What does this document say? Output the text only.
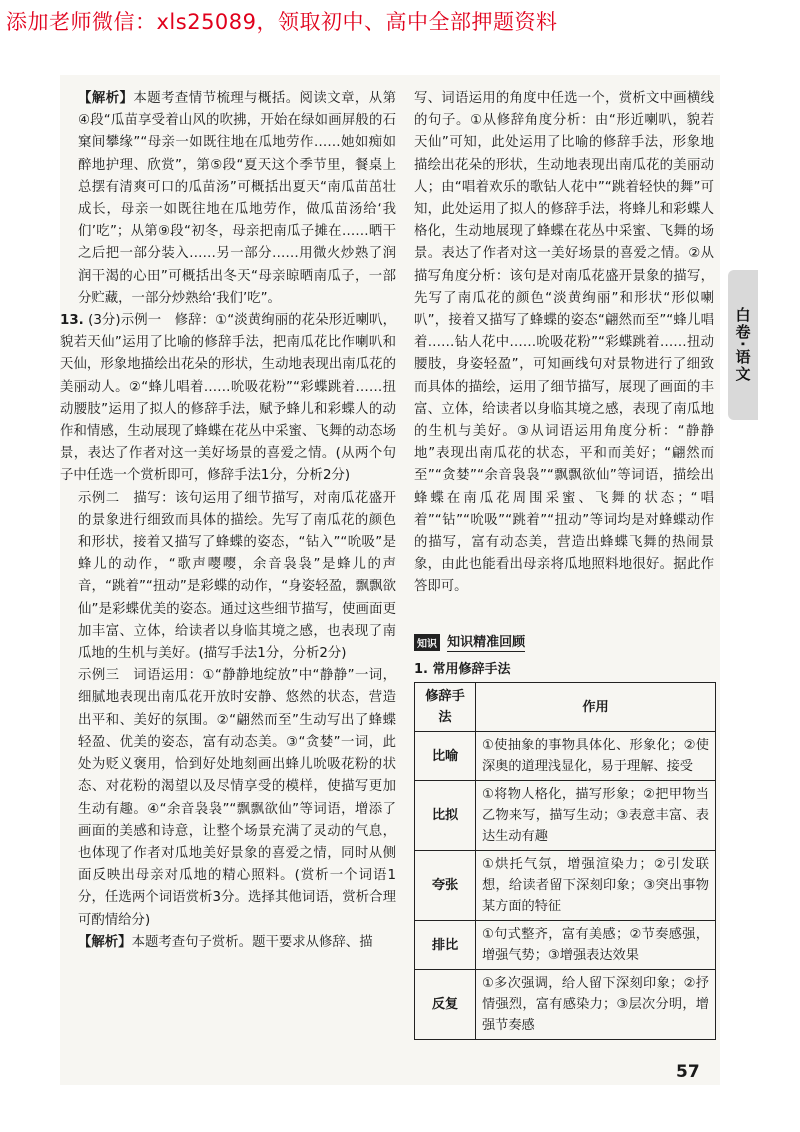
添加老师微信：xls25089，领取初中、高中全部押题资料

【解析】本题考查情节梳理与概括。阅读文章，从第④段“瓜苗享受着山风的吹拂，开始在绿如画屏般的石窠间攀缘”“母亲一如既往地在瓜地劳作……她如痴如醉地护理、欣赏”，第⑤段“夏天这个季节里，餐桌上总摆有清爽可口的瓜苗汤”可概括出夏天“南瓜苗茁壮成长，母亲一如既往地在瓜地劳作，做瓜苗汤给‘我们’吃”；从第⑨段“初冬，母亲把南瓜子摊在……晒干之后把一部分装入……另一部分……用微火炒熟了润润干渴的心田”可概括出冬天“母亲晾晒南瓜子，一部分贮藏，一部分炒熟给‘我们’吃”。

13. (3分)示例一　修辞：①“淡黄绚丽的花朵形近喇叭，貌若天仙”运用了比喻的修辞手法，把南瓜花比作喇叭和天仙，形象地描绘出花朵的形状，生动地表现出南瓜花的美丽动人。②“蜂儿唱着……吮吸花粉”“彩蝶跳着……扭动腰肢”运用了拟人的修辞手法，赋予蜂儿和彩蝶人的动作和情感，生动展现了蜂蝶在花丛中采蜜、飞舞的动态场景，表达了作者对这一美好场景的喜爱之情。(从两个句子中任选一个赏析即可，修辞手法1分，分析2分)

示例二　描写：该句运用了细节描写，对南瓜花盛开的景象进行细致而具体的描绘。先写了南瓜花的颜色和形状，接着又描写了蜂蝶的姿态，“钻入”“吮吸”是蜂儿的动作，“歌声嘤嘤，余音袅袅”是蜂儿的声音，“跳着”“扭动”是彩蝶的动作，“身姿轻盈，飘飘欲仙”是彩蝶优美的姿态。通过这些细节描写，使画面更加丰富、立体，给读者以身临其境之感，也表现了南瓜地的生机与美好。(描写手法1分，分析2分)

示例三　词语运用：①“静静地绽放”中“静静”一词，细腻地表现出南瓜花开放时安静、悠然的状态，营造出平和、美好的氛围。②“翩然而至”生动写出了蜂蝶轻盈、优美的姿态，富有动态美。③“贪婪”一词，此处为贬义褒用，恰到好处地刻画出蜂儿吮吸花粉的状态、对花粉的渴望以及尽情享受的模样，使描写更加生动有趣。④“余音袅袅”“飘飘欲仙”等词语，增添了画面的美感和诗意，让整个场景充满了灵动的气息，也体现了作者对瓜地美好景象的喜爱之情，同时从侧面反映出母亲对瓜地的精心照料。(赏析一个词语1分，任选两个词语赏析3分。选择其他词语，赏析合理可酌情给分)

【解析】本题考查句子赏析。题干要求从修辞、描

写、词语运用的角度中任选一个，赏析文中画横线的句子。①从修辞角度分析：由“形近喇叭，貌若天仙”可知，此处运用了比喻的修辞手法，形象地描绘出花朵的形状，生动地表现出南瓜花的美丽动人；由“唱着欢乐的歌钻人花中”“跳着轻快的舞”可知，此处运用了拟人的修辞手法，将蜂儿和彩蝶人格化，生动地展现了蜂蝶在花丛中采蜜、飞舞的场景。表达了作者对这一美好场景的喜爱之情。②从描写角度分析：该句是对南瓜花盛开景象的描写，先写了南瓜花的颜色“淡黄绚丽”和形状“形似喇叭”，接着又描写了蜂蝶的姿态“翩然而至”“蜂儿唱着……钻人花中……吮吸花粉”“彩蝶跳着……扭动腰肢，身姿轻盈”，可知画线句对景物进行了细致而具体的描绘，运用了细节描写，展现了画面的丰富、立体，给读者以身临其境之感，表现了南瓜地的生机与美好。③从词语运用角度分析：“静静地”表现出南瓜花的状态，平和而美好；“翩然而至”“贪婪”“余音袅袅”“飘飘欲仙”等词语，描绘出蜂蝶在南瓜花周围采蜜、飞舞的状态；“唱着”“钻”“吮吸”“跳着”“扭动”等词均是对蜂蝶动作的描写，富有动态美，营造出蜂蝶飞舞的热闹景象，由此也能看出母亲将瓜地照料地很好。据此作答即可。

白卷·语文
知识 知识精准回顾
1. 常用修辞手法
修辞手法	作用
比喻	①使抽象的事物具体化、形象化；②使深奥的道理浅显化，易于理解、接受
比拟	①将物人格化，描写形象；②把甲物当乙物来写，描写生动；③表意丰富、表达生动有趣
夸张	①烘托气氛，增强渲染力；②引发联想，给读者留下深刻印象；③突出事物某方面的特征
排比	①句式整齐，富有美感；②节奏感强，增强气势；③增强表达效果
反复	①多次强调，给人留下深刻印象；②抒情强烈，富有感染力；③层次分明，增强节奏感
57
